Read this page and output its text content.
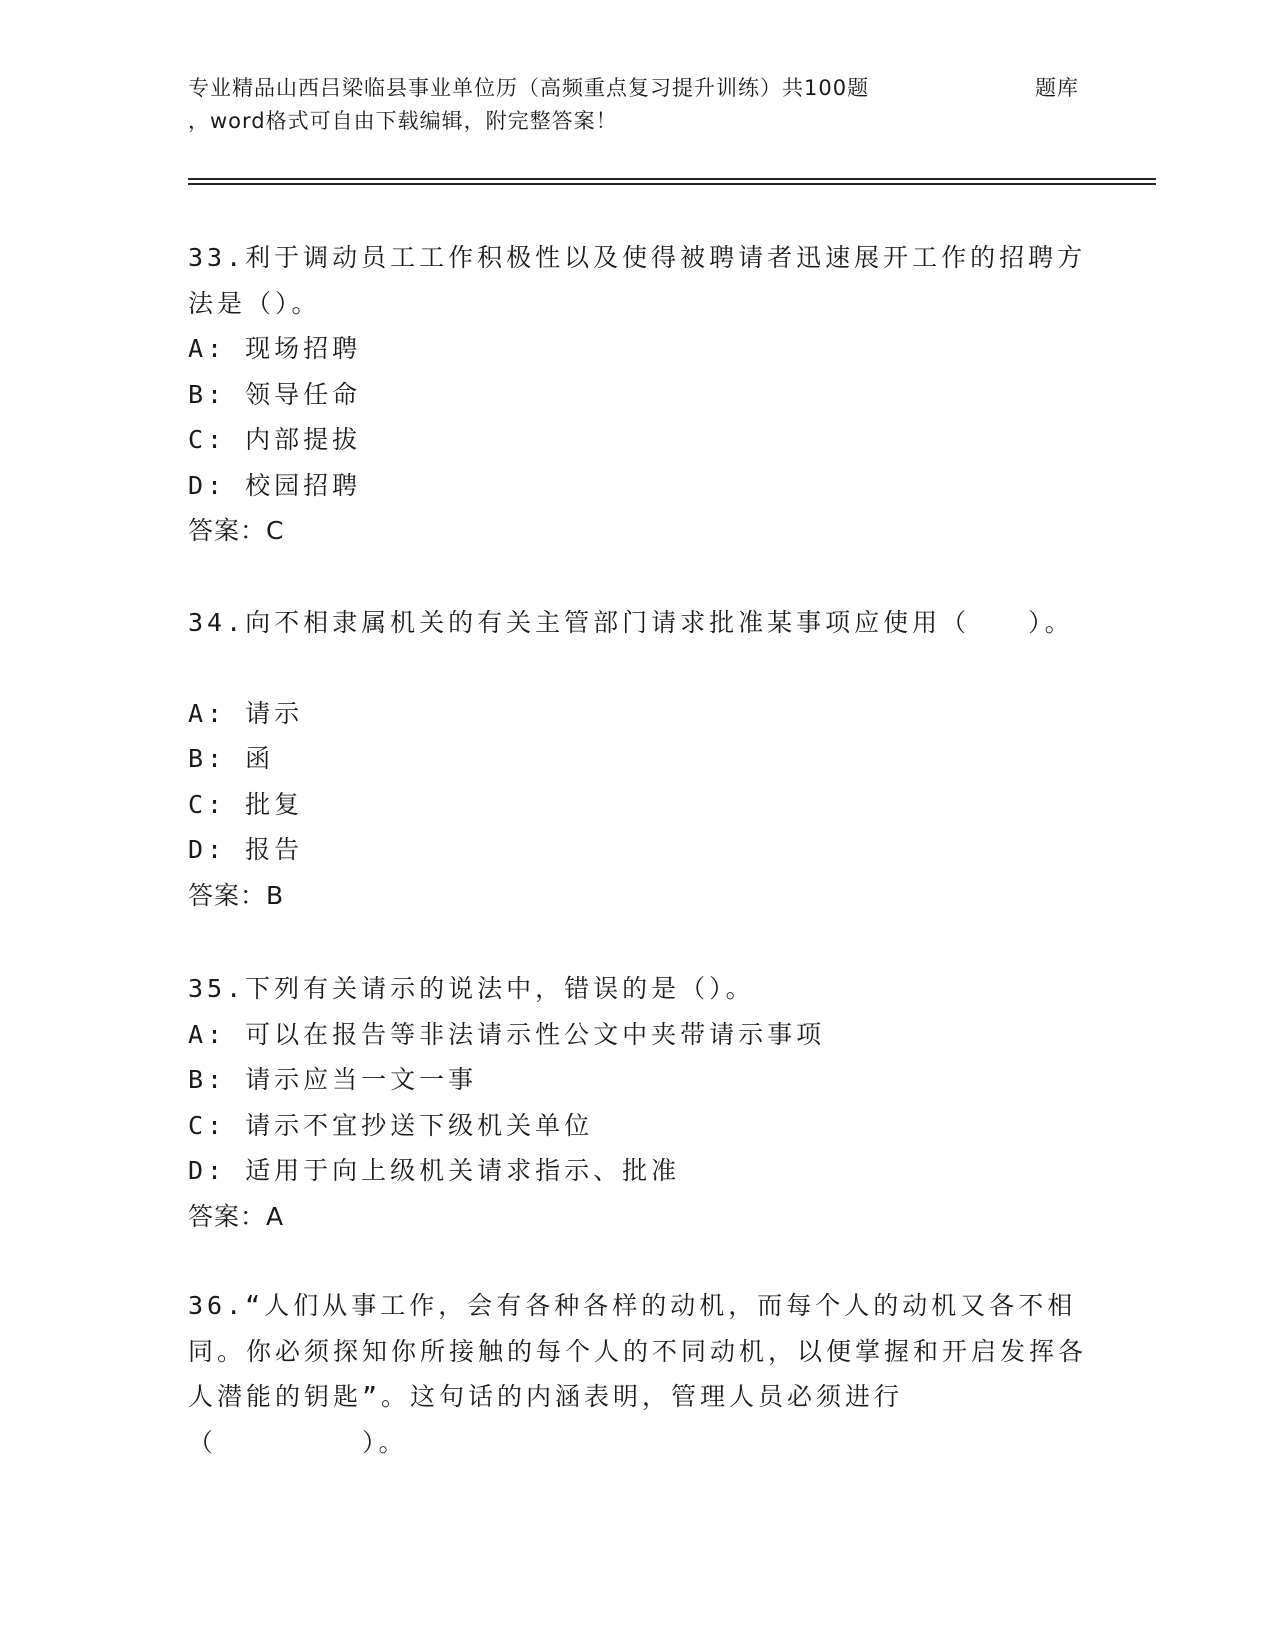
专业精品山西吕梁临县事业单位历（高频重点复习提升训练）共100题	题库
，word格式可自由下载编辑，附完整答案！

33.利于调动员工工作积极性以及使得被聘请者迅速展开工作的招聘方法是（）。

A: 现场招聘
B: 领导任命
C: 内部提拔
D: 校园招聘
答案：C

34.向不相隶属机关的有关主管部门请求批准某事项应使用（　　）。

A: 请示
B: 函
C: 批复
D: 报告
答案：B

35.下列有关请示的说法中，错误的是（）。

A: 可以在报告等非法请示性公文中夹带请示事项
B: 请示应当一文一事
C: 请示不宜抄送下级机关单位
D: 适用于向上级机关请求指示、批准
答案：A

36.“人们从事工作，会有各种各样的动机，而每个人的动机又各不相同。你必须探知你所接触的每个人的不同动机，以便掌握和开启发挥各人潜能的钥匙”。这句话的内涵表明，管理人员必须进行（　　　　　）。
